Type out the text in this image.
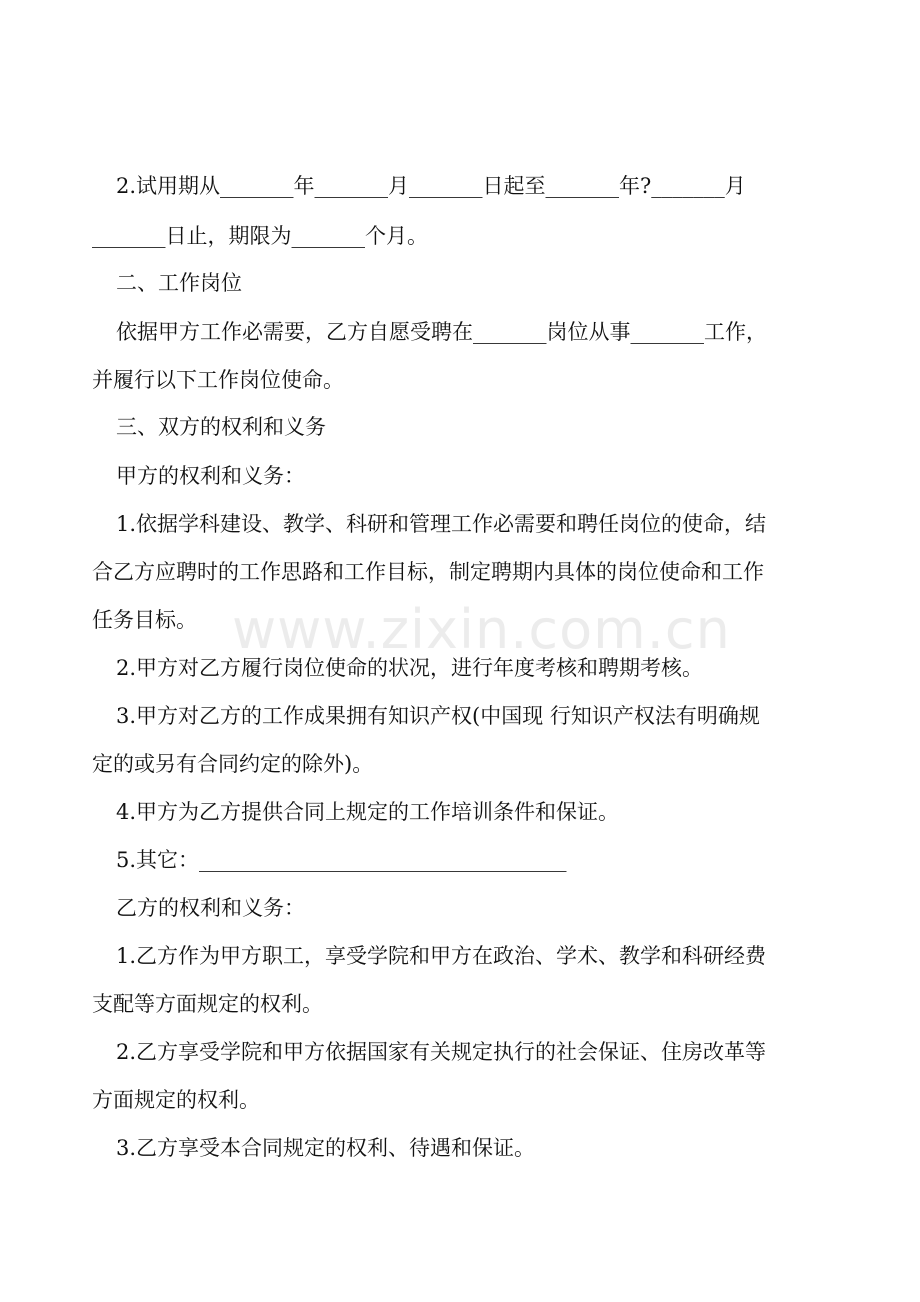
www.zixin.com.cn
2.试用期从_______年_______月_______日起至_______年?_______月
_______日止，期限为_______个月。
二、工作岗位
依据甲方工作必需要，乙方自愿受聘在_______岗位从事_______工作，
并履行以下工作岗位使命。
三、双方的权利和义务
甲方的权利和义务：
1.依据学科建设、教学、科研和管理工作必需要和聘任岗位的使命，结
合乙方应聘时的工作思路和工作目标，制定聘期内具体的岗位使命和工作
任务目标。
2.甲方对乙方履行岗位使命的状况，进行年度考核和聘期考核。
3.甲方对乙方的工作成果拥有知识产权(中国现 行知识产权法有明确规
定的或另有合同约定的除外)。
4.甲方为乙方提供合同上规定的工作培训条件和保证。
5.其它：___________________________________
乙方的权利和义务：
1.乙方作为甲方职工，享受学院和甲方在政治、学术、教学和科研经费
支配等方面规定的权利。
2.乙方享受学院和甲方依据国家有关规定执行的社会保证、住房改革等
方面规定的权利。
3.乙方享受本合同规定的权利、待遇和保证。
